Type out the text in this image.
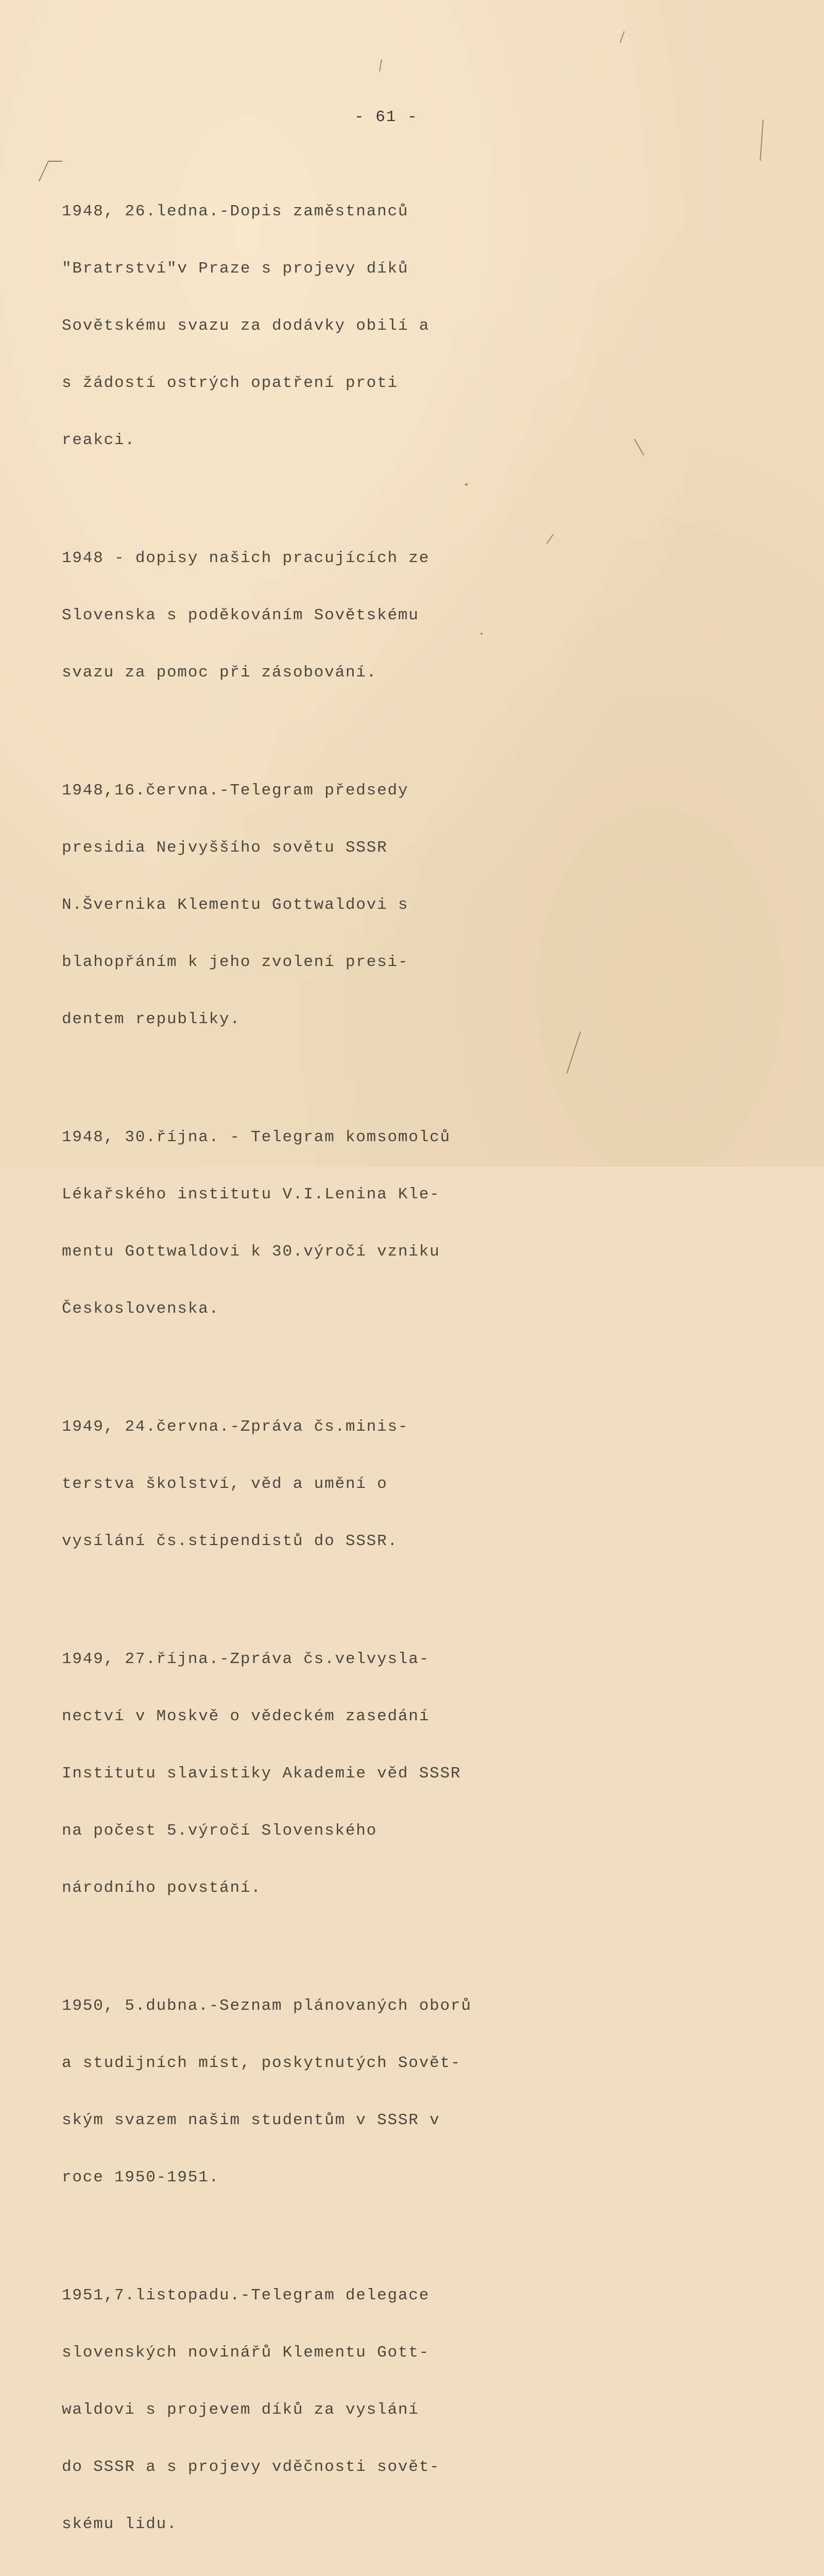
- 61 -

1948, 26.ledna.-Dopis zaměstnanců

"Bratrství"v Praze s projevy díků

Sovětskému svazu za dodávky obilí a

s žádostí ostrých opatření proti

reakci.

1948 - dopisy našich pracujících ze

Slovenska s poděkováním Sovětskému

svazu za pomoc při zásobování.

1948,16.června.-Telegram předsedy

presidia Nejvyššího sovětu SSSR

N.Švernika Klementu Gottwaldovi s

blahopřáním k jeho zvolení presi-

dentem republiky.

1948, 30.října. - Telegram komsomolců

Lékařského institutu V.I.Lenina Kle-

mentu Gottwaldovi k 30.výročí vzniku

Československa.

1949, 24.června.-Zpráva čs.minis-

terstva školství, věd a umění o

vysílání čs.stipendistů do SSSR.

1949, 27.října.-Zpráva čs.velvysla-

nectví v Moskvě o vědeckém zasedání

Institutu slavistiky Akademie věd SSSR

na počest 5.výročí Slovenského

národního povstání.

1950, 5.dubna.-Seznam plánovaných oborů

a studijních míst, poskytnutých Sovět-

ským svazem našim studentům v SSSR v

roce 1950-1951.

1951,7.listopadu.-Telegram delegace

slovenských novinářů Klementu Gott-

waldovi s projevem díků za vyslání

do SSSR a s projevy vděčnosti sovět-

skému lidu.
